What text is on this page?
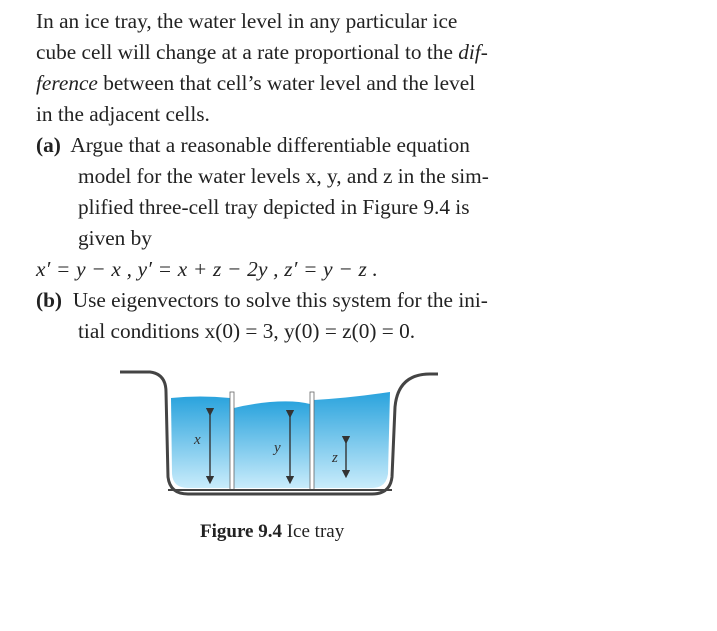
In an ice tray, the water level in any particular ice
cube cell will change at a rate proportional to the dif-
ference between that cell’s water level and the level
in the adjacent cells.
(a) Argue that a reasonable differentiable equation
model for the water levels x, y, and z in the sim-
plified three-cell tray depicted in Figure 9.4 is
given by
x′ = y − x , y′ = x + z − 2y , z′ = y − z .
(b) Use eigenvectors to solve this system for the ini-
tial conditions x(0) = 3, y(0) = z(0) = 0.
x	y
z
Figure 9.4 Ice tray
